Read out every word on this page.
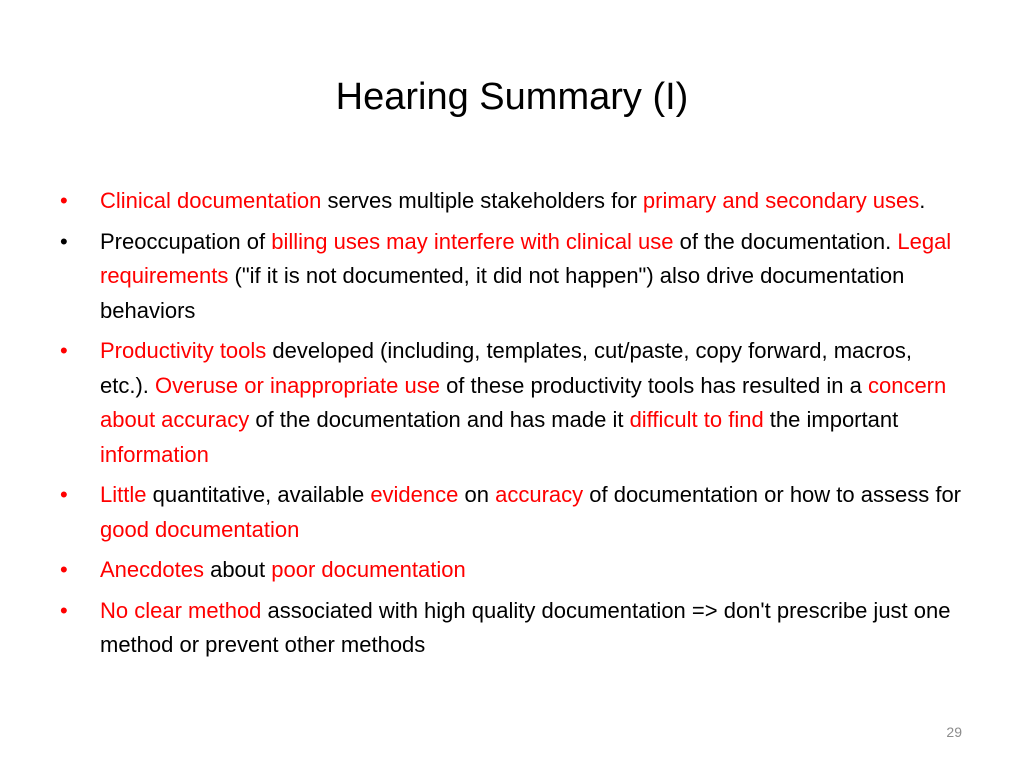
Hearing Summary (I)
•	Clinical documentation serves multiple stakeholders for primary and secondary uses.
•	Preoccupation of billing uses may interfere with clinical use of the documentation. Legal requirements ("if it is not documented, it did not happen") also drive documentation behaviors
•	Productivity tools developed (including, templates, cut/paste, copy forward, macros, etc.). Overuse or inappropriate use of these productivity tools has resulted in a concern about accuracy of the documentation and has made it difficult to find the important information
•	Little quantitative, available evidence on accuracy of documentation or how to assess for good documentation
•	Anecdotes about poor documentation
•	No clear method associated with high quality documentation => don't prescribe just one method or prevent other methods
29
